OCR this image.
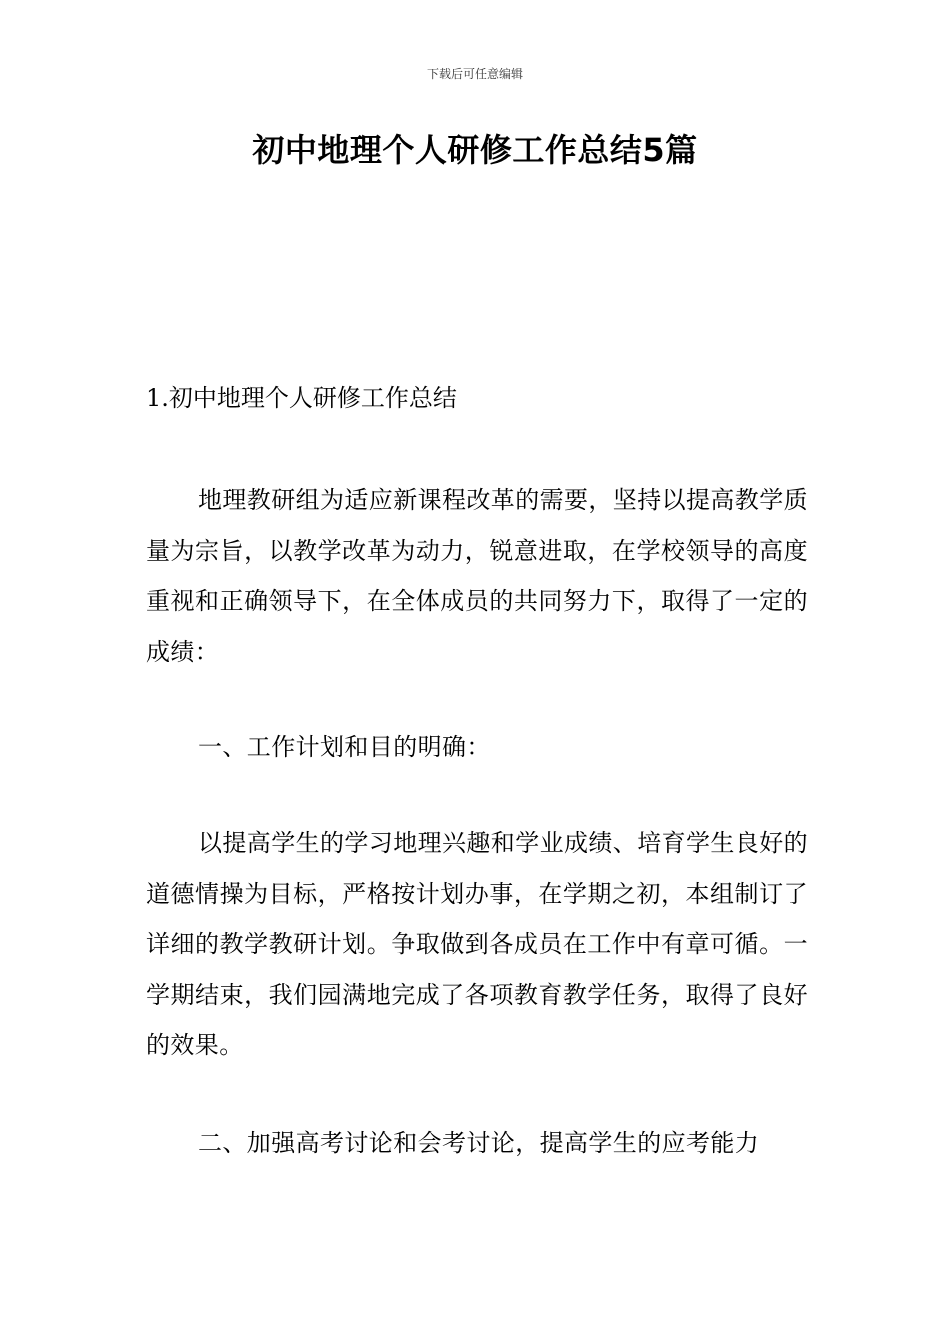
下载后可任意编辑
初中地理个人研修工作总结5篇
1.初中地理个人研修工作总结

地理教研组为适应新课程改革的需要，坚持以提高教学质量为宗旨，以教学改革为动力，锐意进取，在学校领导的高度重视和正确领导下，在全体成员的共同努力下，取得了一定的成绩：

一、工作计划和目的明确：

以提高学生的学习地理兴趣和学业成绩、培育学生良好的道德情操为目标，严格按计划办事，在学期之初，本组制订了详细的教学教研计划。争取做到各成员在工作中有章可循。一学期结束，我们园满地完成了各项教育教学任务，取得了良好的效果。

二、加强高考讨论和会考讨论，提高学生的应考能力
